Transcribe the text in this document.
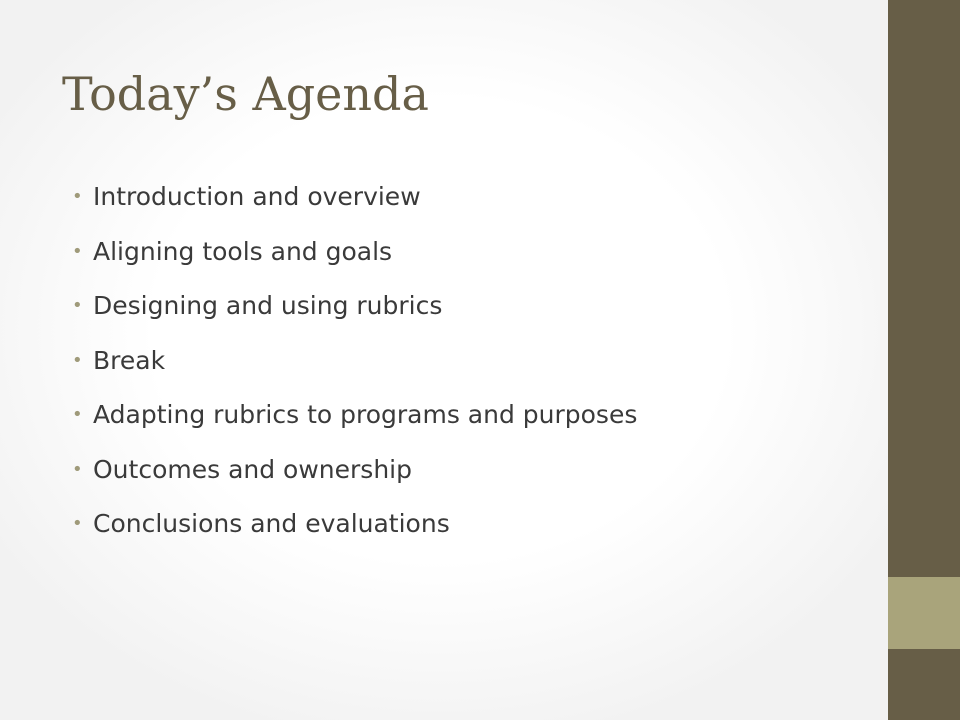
Today’s Agenda
• Introduction and overview
• Aligning tools and goals
• Designing and using rubrics
• Break
• Adapting rubrics to programs and purposes
• Outcomes and ownership
• Conclusions and evaluations
